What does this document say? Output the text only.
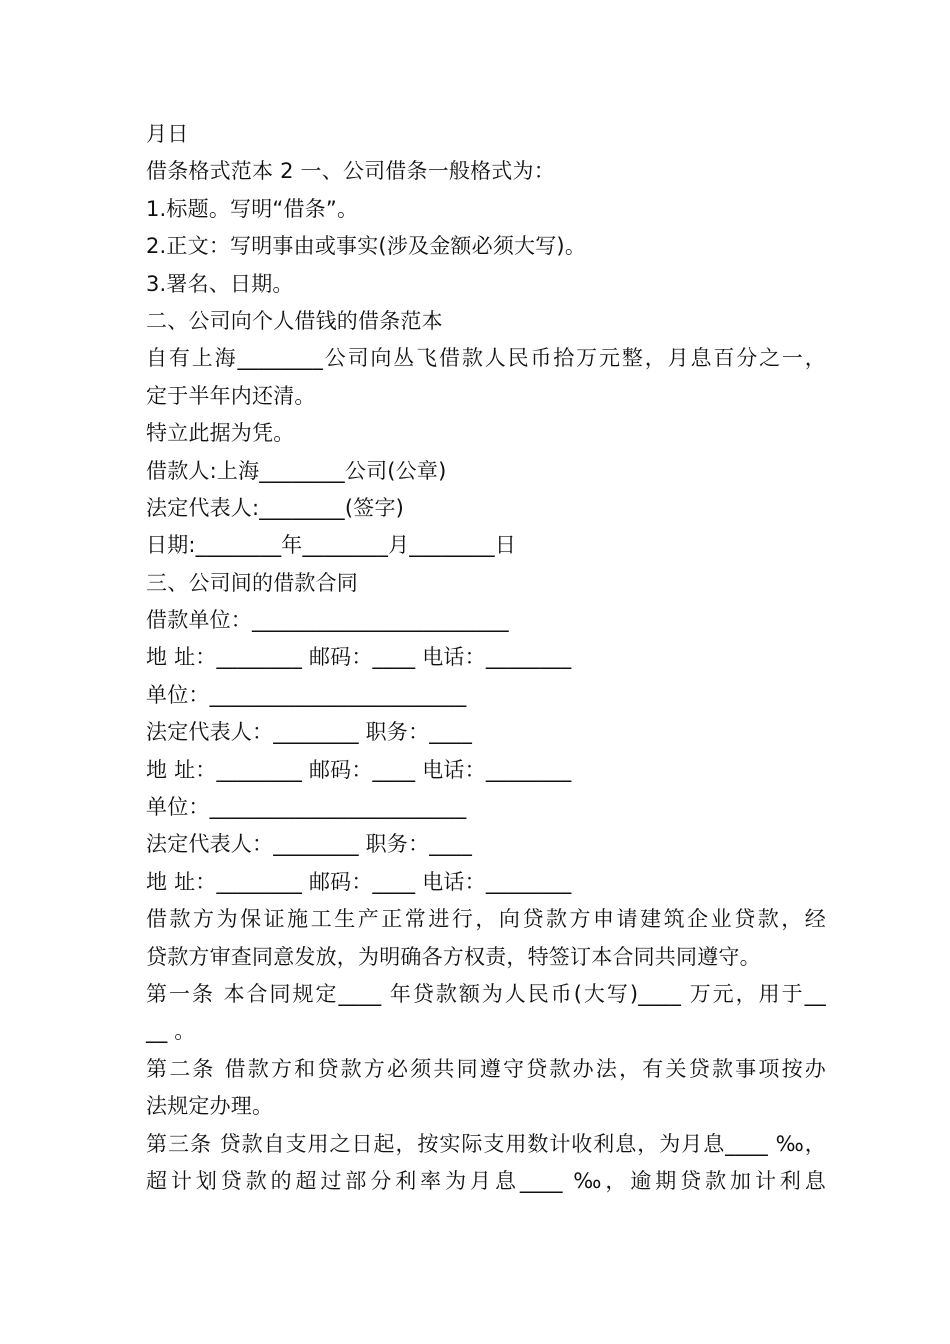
月日
借条格式范本 2 一、公司借条一般格式为：
1.标题。写明“借条”。
2.正文：写明事由或事实(涉及金额必须大写)。
3.署名、日期。
二、公司向个人借钱的借条范本
自有上海________公司向丛飞借款人民币拾万元整，月息百分之一，
定于半年内还清。
特立此据为凭。
借款人:上海________公司(公章)
法定代表人:________(签字)
日期:________年________月________日
三、公司间的借款合同
借款单位：________________________
地 址：________ 邮码：____ 电话：________
单位：________________________
法定代表人：________ 职务：____
地 址：________ 邮码：____ 电话：________
单位：________________________
法定代表人：________ 职务：____
地 址：________ 邮码：____ 电话：________
借款方为保证施工生产正常进行，向贷款方申请建筑企业贷款，经
贷款方审查同意发放，为明确各方权责，特签订本合同共同遵守。
第一条 本合同规定____ 年贷款额为人民币(大写)____ 万元，用于__
__ 。
第二条 借款方和贷款方必须共同遵守贷款办法，有关贷款事项按办
法规定办理。
第三条 贷款自支用之日起，按实际支用数计收利息，为月息____ ‰，
超计划贷款的超过部分利率为月息____ ‰，逾期贷款加计利息
